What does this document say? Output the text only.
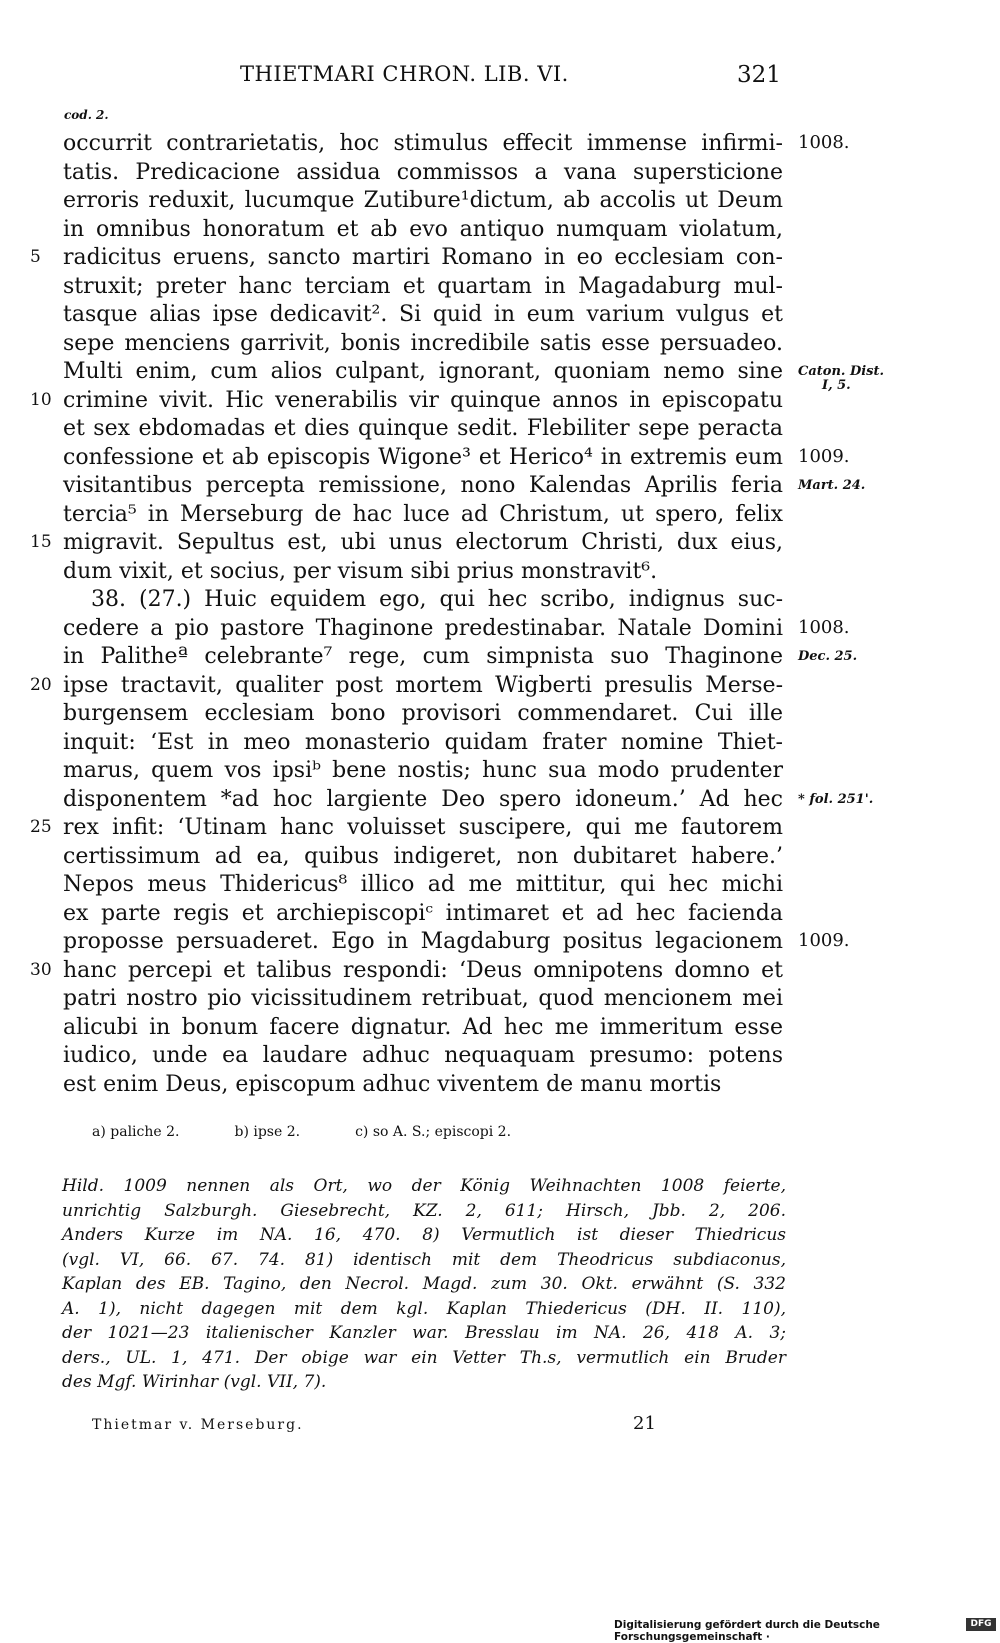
THIETMARI CHRON. LIB. VI.	321
cod. 2.
occurrit contrarietatis, hoc stimulus effecit immense infirmi- 1008.
tatis. Predicacione assidua commissos a vana supersticione
erroris reduxit, lucumque Zutibure¹dictum, ab accolis ut Deum
in omnibus honoratum et ab evo antiquo numquam violatum,
5	radicitus eruens, sancto martiri Romano in eo ecclesiam con-
struxit; preter hanc terciam et quartam in Magadaburg mul-
tasque alias ipse dedicavit². Si quid in eum varium vulgus et
sepe menciens garrivit, bonis incredibile satis esse persuadeo.
Multi enim, cum alios culpant, ignorant, quoniam nemo sine Caton. Dist.
I, 5.
10 crimine vivit. Hic venerabilis vir quinque annos in episcopatu
et sex ebdomadas et dies quinque sedit. Flebiliter sepe peracta
confessione et ab episcopis Wigone³ et Herico⁴ in extremis eum 1009.
visitantibus percepta remissione, nono Kalendas Aprilis feria Mart. 24.
tercia⁵ in Merseburg de hac luce ad Christum, ut spero, felix
15 migravit. Sepultus est, ubi unus electorum Christi, dux eius,
dum vixit, et socius, per visum sibi prius monstravit⁶.
38. (27.) Huic equidem ego, qui hec scribo, indignus suc-
cedere a pio pastore Thaginone predestinabar. Natale Domini 1008.
in Palitheª celebrante⁷ rege, cum simpnista suo Thaginone Dec. 25.
20 ipse tractavit, qualiter post mortem Wigberti presulis Merse-
burgensem ecclesiam bono provisori commendaret. Cui ille
inquit: ‘Est in meo monasterio quidam frater nomine Thiet-
marus, quem vos ipsiᵇ bene nostis; hunc sua modo prudenter
disponentem *ad hoc largiente Deo spero idoneum.’ Ad hec * fol. 251'.
25 rex infit: ‘Utinam hanc voluisset suscipere, qui me fautorem
certissimum ad ea, quibus indigeret, non dubitaret habere.’
Nepos meus Thidericus⁸ illico ad me mittitur, qui hec michi
ex parte regis et archiepiscopiᶜ intimaret et ad hec facienda
proposse persuaderet. Ego in Magdaburg positus legacionem 1009.
30 hanc percepi et talibus respondi: ‘Deus omnipotens domno et
patri nostro pio vicissitudinem retribuat, quod mencionem mei
alicubi in bonum facere dignatur. Ad hec me immeritum esse
iudico, unde ea laudare adhuc nequaquam presumo: potens
est enim Deus, episcopum adhuc viventem de manu mortis
a) paliche 2.	b) ipse 2.	c) so A. S.; episcopi 2.
Hild. 1009 nennen als Ort, wo der König Weihnachten 1008 feierte,
unrichtig Salzburgh. Giesebrecht, KZ. 2, 611; Hirsch, Jbb. 2, 206.
Anders Kurze im NA. 16, 470. 8) Vermutlich ist dieser Thiedricus
(vgl. VI, 66. 67. 74. 81) identisch mit dem Theodricus subdiaconus,
Kaplan des EB. Tagino, den Necrol. Magd. zum 30. Okt. erwähnt (S. 332
A. 1), nicht dagegen mit dem kgl. Kaplan Thiedericus (DH. II. 110),
der 1021—23 italienischer Kanzler war. Bresslau im NA. 26, 418 A. 3;
ders., UL. 1, 471. Der obige war ein Vetter Th.s, vermutlich ein Bruder
des Mgf. Wirinhar (vgl. VII, 7).
Thietmar v. Merseburg.	21
Digitalisierung gefördert durch die Deutsche Forschungsgemeinschaft ·
DFG
